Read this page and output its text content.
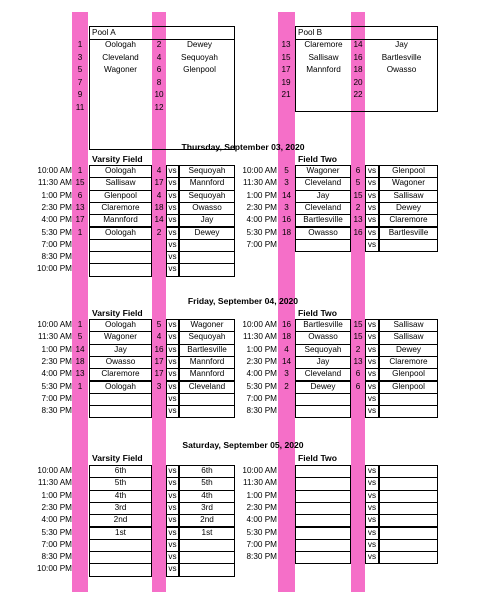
Pool A
1	Oologah	2	Dewey
3	Cleveland	4	Sequoyah
5	Wagoner	6	Glenpool
7	8
9	10
11	12
Pool B
13	Claremore	14	Jay
15	Sallisaw	16	Bartlesville
17	Mannford	18	Owasso
19	20
21	22
Thursday, September 03, 2020
Varsity Field	Field Two
10:00 AM 1	Oologah	4 vs	Sequoyah	10:00 AM 5	Wagoner	6 vs	Glenpool
11:30 AM 15	Sallisaw	17 vs	Mannford	11:30 AM 3	Cleveland	5 vs	Wagoner
1:00 PM 6	Glenpool	4 vs	Sequoyah	1:00 PM 14	Jay	15 vs	Sallisaw
2:30 PM 13	Claremore	18 vs	Owasso	2:30 PM 3	Cleveland	2 vs	Dewey
4:00 PM 17	Mannford	14 vs	Jay	4:00 PM 16	Bartlesville	13 vs	Claremore
5:30 PM 1	Oologah	2 vs	Dewey	5:30 PM 18	Owasso	16 vs	Bartlesville
7:00 PM	vs	7:00 PM	vs
8:30 PM	vs
10:00 PM	vs
Friday, September 04, 2020
Varsity Field	Field Two
10:00 AM 1	Oologah	5 vs	Wagoner	10:00 AM 16	Bartlesville	15 vs	Sallisaw
11:30 AM 5	Wagoner	4 vs	Sequoyah	11:30 AM 18	Owasso	15 vs	Sallisaw
1:00 PM 14	Jay	16 vs	Bartlesville	1:00 PM 4	Sequoyah	2 vs	Dewey
2:30 PM 18	Owasso	17 vs	Mannford	2:30 PM 14	Jay	13 vs	Claremore
4:00 PM 13	Claremore	17 vs	Mannford	4:00 PM 3	Cleveland	6 vs	Glenpool
5:30 PM 1	Oologah	3 vs	Cleveland	5:30 PM 2	Dewey	6 vs	Glenpool
7:00 PM	vs	7:00 PM	vs
8:30 PM	vs	8:30 PM	vs
Saturday, September 05, 2020
Varsity Field	Field Two
10:00 AM	6th	vs	6th	10:00 AM	vs
11:30 AM	5th	vs	5th	11:30 AM	vs
1:00 PM	4th	vs	4th	1:00 PM	vs
2:30 PM	3rd	vs	3rd	2:30 PM	vs
4:00 PM	2nd	vs	2nd	4:00 PM	vs
5:30 PM	1st	vs	1st	5:30 PM	vs
7:00 PM	vs	7:00 PM	vs
8:30 PM	vs	8:30 PM	vs
10:00 PM	vs
